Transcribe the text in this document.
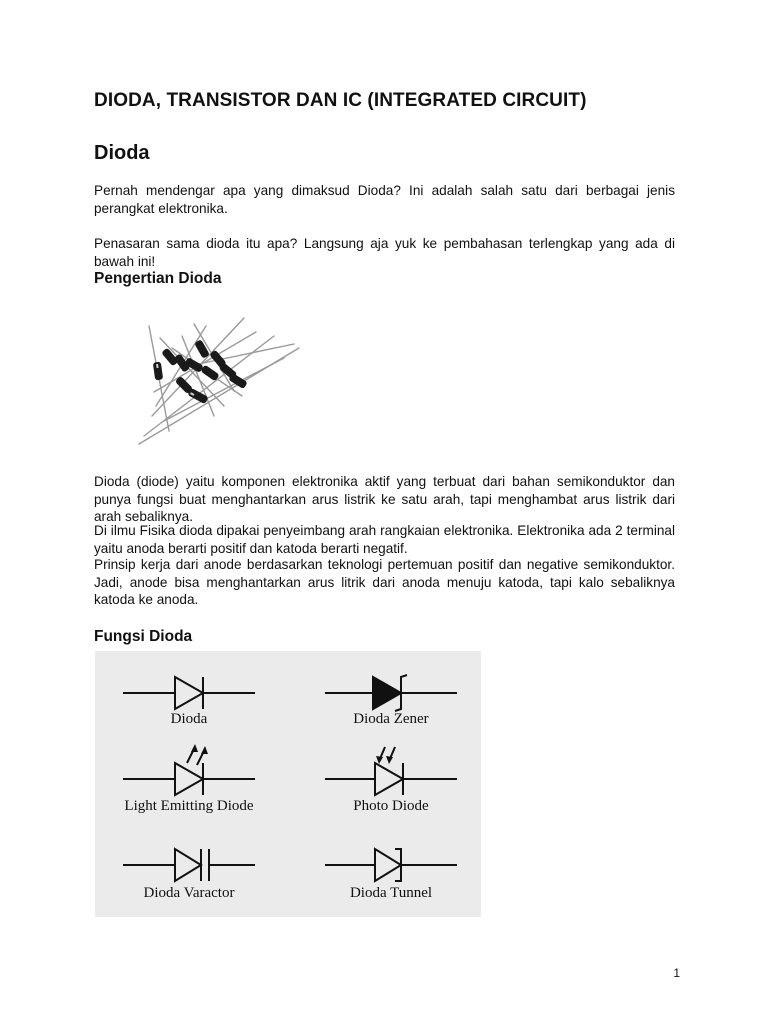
DIODA, TRANSISTOR DAN IC (INTEGRATED CIRCUIT)
Dioda

Pernah mendengar apa yang dimaksud Dioda? Ini adalah salah satu dari berbagai jenis perangkat elektronika.

Penasaran sama dioda itu apa? Langsung aja yuk ke pembahasan terlengkap yang ada di bawah ini!

Pengertian Dioda

Dioda (diode) yaitu komponen elektronika aktif yang terbuat dari bahan semikonduktor dan punya fungsi buat menghantarkan arus listrik ke satu arah, tapi menghambat arus listrik dari arah sebaliknya.

Di ilmu Fisika dioda dipakai penyeimbang arah rangkaian elektronika. Elektronika ada 2 terminal yaitu anoda berarti positif dan katoda berarti negatif.

Prinsip kerja dari anode berdasarkan teknologi pertemuan positif dan negative semikonduktor. Jadi, anode bisa menghantarkan arus litrik dari anoda menuju katoda, tapi kalo sebaliknya katoda ke anoda.

Fungsi Dioda
Dioda	Dioda Zener
Light Emitting Diode	Photo Diode
Dioda Varactor	Dioda Tunnel
1
